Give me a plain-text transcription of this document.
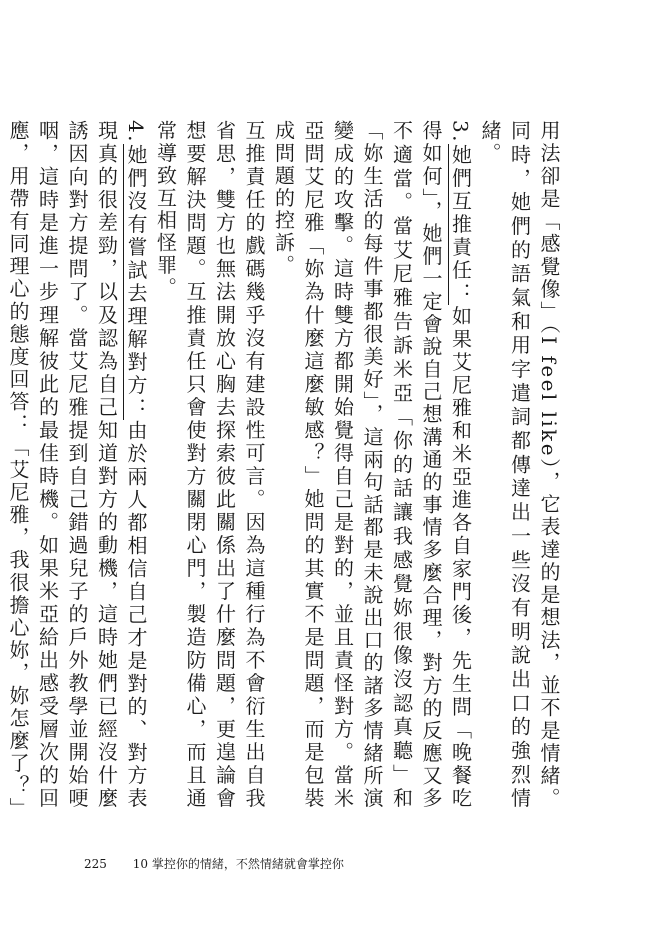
用法卻是「感覺像」（I feel like），它表達的是想法，並不是情緒。同時，她們的語氣和用字遣詞都傳達出一些沒有明說出口的強烈情緒。

3.她們互推責任：如果艾尼雅和米亞進各自家門後，先生問「晚餐吃得如何」，她們一定會說自己想溝通的事情多麼合理，對方的反應又多不適當。當艾尼雅告訴米亞「你的話讓我感覺妳很像沒認真聽」和「妳生活的每件事都很美好」，這兩句話都是未說出口的諸多情緒所演變成的攻擊。這時雙方都開始覺得自己是對的，並且責怪對方。當米亞問艾尼雅「妳為什麼這麼敏感？」她問的其實不是問題，而是包裝成問題的控訴。

互推責任的戲碼幾乎沒有建設性可言。因為這種行為不會衍生出自我省思，雙方也無法開放心胸去探索彼此關係出了什麼問題，更遑論會想要解決問題。互推責任只會使對方關閉心門，製造防備心，而且通常導致互相怪罪。

4.她們沒有嘗試去理解對方：由於兩人都相信自己才是對的、對方表現真的很差勁，以及認為自己知道對方的動機，這時她們已經沒什麼誘因向對方提問了。當艾尼雅提到自己錯過兒子的戶外教學並開始哽咽，這時是進一步理解彼此的最佳時機。如果米亞給出感受層次的回應，用帶有同理心的態度回答：「艾尼雅，我很擔心妳，妳怎麼了？」

225 10 掌控你的情緒，不然情緒就會掌控你
